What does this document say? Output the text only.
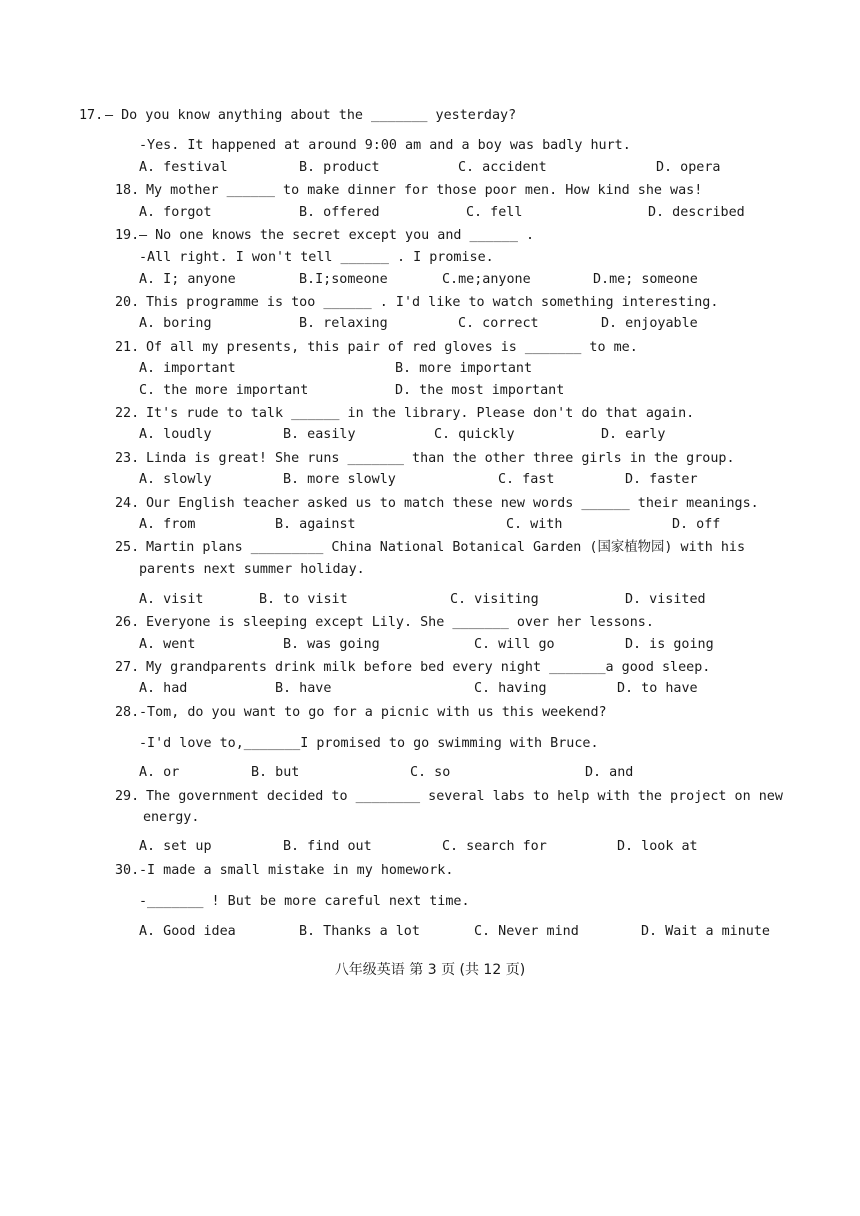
17. — Do you know anything about the _______ yesterday?
-Yes. It happened at around 9:00 am and a boy was badly hurt.
A. festival	B. product	C. accident	D. opera
18. My mother ______ to make dinner for those poor men. How kind she was!
A. forgot	B. offered	C. fell	D. described
19. — No one knows the secret except you and ______ .
-All right. I won't tell ______ . I promise.
A. I; anyone	B.I;someone	C.me;anyone	D.me; someone
20. This programme is too ______ . I'd like to watch something interesting.
A. boring	B. relaxing	C. correct	D. enjoyable
21. Of all my presents, this pair of red gloves is _______ to me.
A. important	B. more important
C. the more important	D. the most important
22. It's rude to talk ______ in the library. Please don't do that again.
A. loudly	B. easily	C. quickly	D. early
23. Linda is great! She runs _______ than the other three girls in the group.
A. slowly	B. more slowly	C. fast	D. faster
24. Our English teacher asked us to match these new words ______ their meanings.
A. from	B. against	C. with	D. off
25. Martin plans _________ China National Botanical Garden (国家植物园) with his
parents next summer holiday.
A. visit	B. to visit	C. visiting	D. visited
26. Everyone is sleeping except Lily. She _______ over her lessons.
A. went	B. was going	C. will go	D. is going
27. My grandparents drink milk before bed every night _______a good sleep.
A. had	B. have	C. having	D. to have
28. -Tom, do you want to go for a picnic with us this weekend?
-I'd love to,_______I promised to go swimming with Bruce.
A. or	B. but	C. so	D. and
29. The government decided to ________ several labs to help with the project on new
energy.
A. set up	B. find out	C. search for	D. look at
30. -I made a small mistake in my homework.
-_______ ! But be more careful next time.
A. Good idea	B. Thanks a lot	C. Never mind	D. Wait a minute
八年级英语 第 3 页 (共 12 页)
